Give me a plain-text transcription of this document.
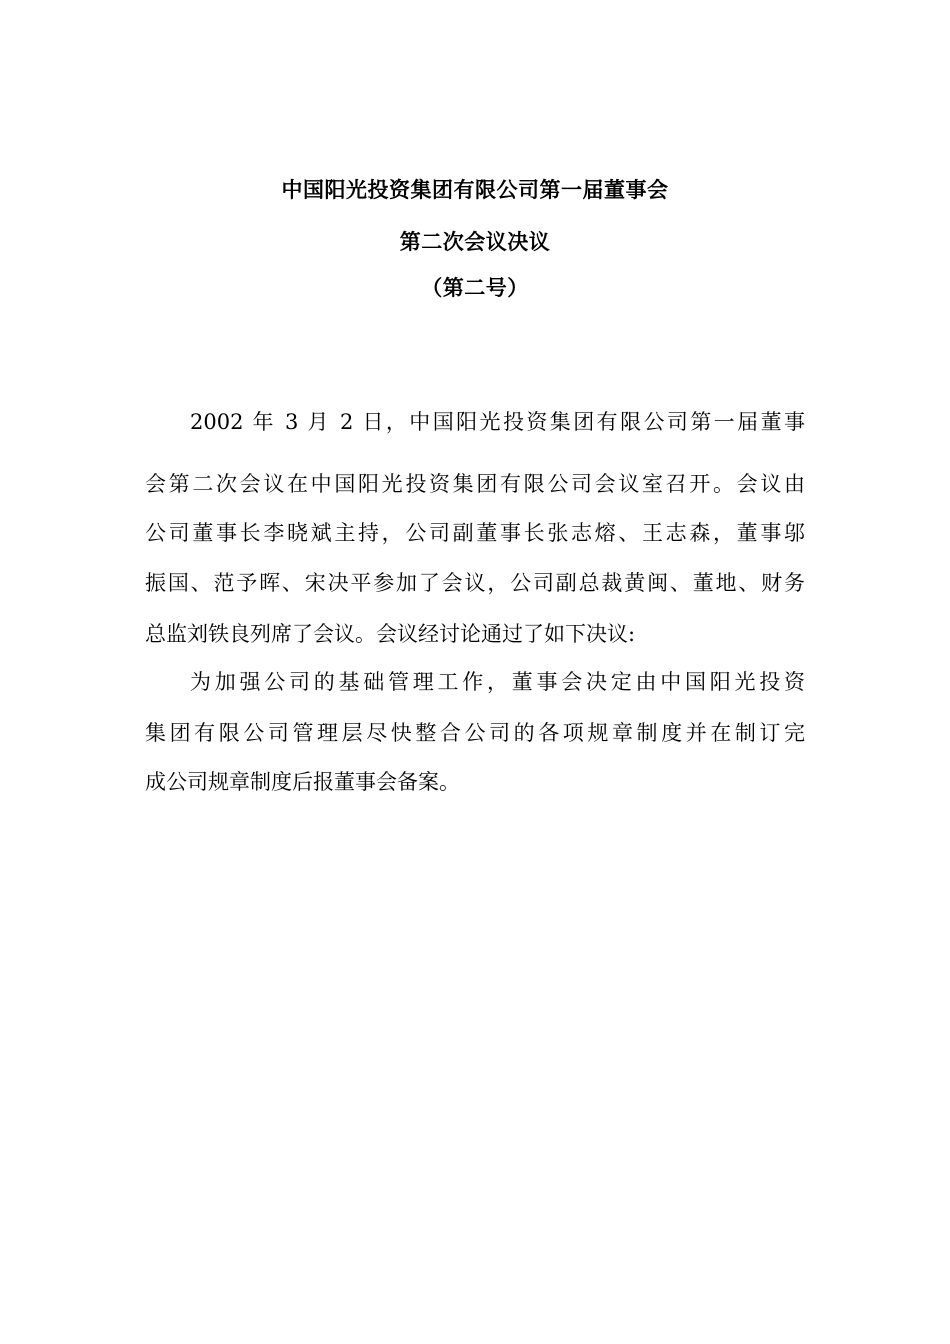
中国阳光投资集团有限公司第一届董事会
第二次会议决议
（第二号）
2002 年 3 月 2 日，中国阳光投资集团有限公司第一届董事
会第二次会议在中国阳光投资集团有限公司会议室召开。会议由
公司董事长李晓斌主持，公司副董事长张志熔、王志森，董事邬
振国、范予晖、宋决平参加了会议，公司副总裁黄闽、董地、财务
总监刘铁良列席了会议。会议经讨论通过了如下决议:
为加强公司的基础管理工作，董事会决定由中国阳光投资
集团有限公司管理层尽快整合公司的各项规章制度并在制订完
成公司规章制度后报董事会备案。
